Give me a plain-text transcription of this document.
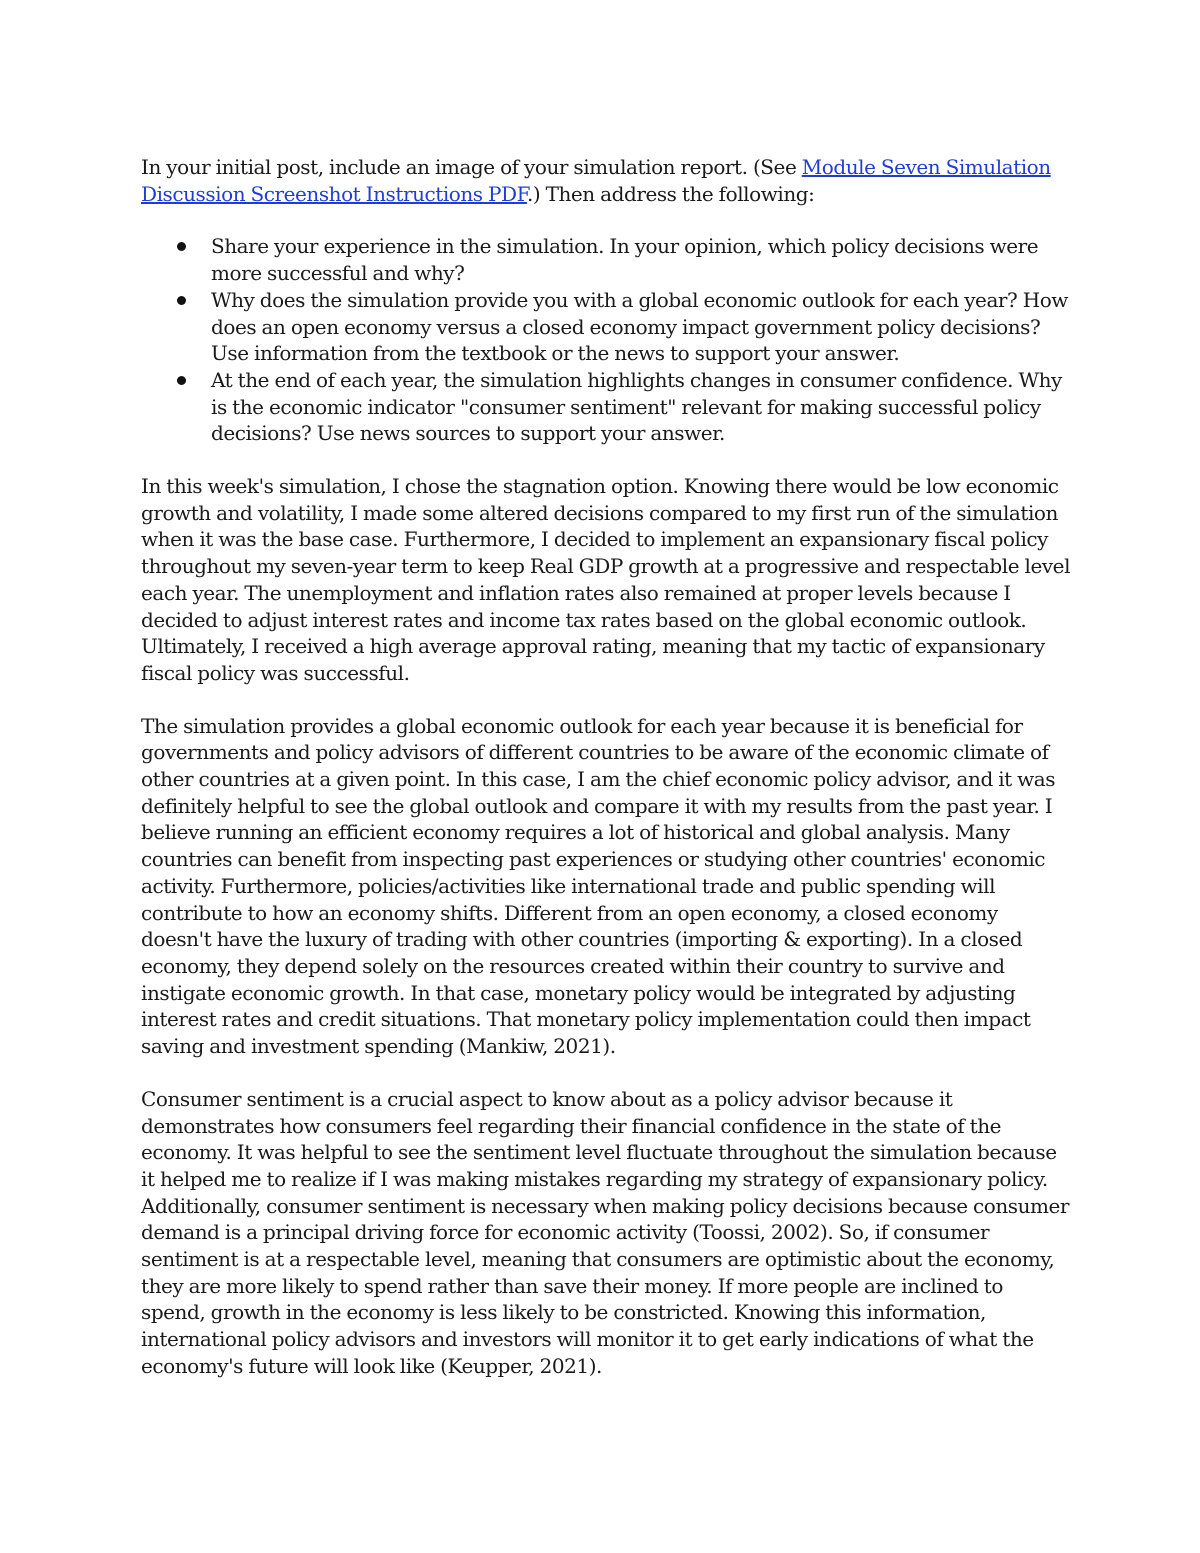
In your initial post, include an image of your simulation report. (See Module Seven Simulation Discussion Screenshot Instructions PDF.) Then address the following:

Share your experience in the simulation. In your opinion, which policy decisions were more successful and why?
Why does the simulation provide you with a global economic outlook for each year? How does an open economy versus a closed economy impact government policy decisions? Use information from the textbook or the news to support your answer.
At the end of each year, the simulation highlights changes in consumer confidence. Why is the economic indicator "consumer sentiment" relevant for making successful policy decisions? Use news sources to support your answer.

In this week's simulation, I chose the stagnation option. Knowing there would be low economic growth and volatility, I made some altered decisions compared to my first run of the simulation when it was the base case. Furthermore, I decided to implement an expansionary fiscal policy throughout my seven-year term to keep Real GDP growth at a progressive and respectable level each year. The unemployment and inflation rates also remained at proper levels because I decided to adjust interest rates and income tax rates based on the global economic outlook. Ultimately, I received a high average approval rating, meaning that my tactic of expansionary fiscal policy was successful.

The simulation provides a global economic outlook for each year because it is beneficial for governments and policy advisors of different countries to be aware of the economic climate of other countries at a given point. In this case, I am the chief economic policy advisor, and it was definitely helpful to see the global outlook and compare it with my results from the past year. I believe running an efficient economy requires a lot of historical and global analysis. Many countries can benefit from inspecting past experiences or studying other countries' economic activity. Furthermore, policies/activities like international trade and public spending will contribute to how an economy shifts. Different from an open economy, a closed economy doesn't have the luxury of trading with other countries (importing & exporting). In a closed economy, they depend solely on the resources created within their country to survive and instigate economic growth. In that case, monetary policy would be integrated by adjusting interest rates and credit situations. That monetary policy implementation could then impact saving and investment spending (Mankiw, 2021).

Consumer sentiment is a crucial aspect to know about as a policy advisor because it demonstrates how consumers feel regarding their financial confidence in the state of the economy. It was helpful to see the sentiment level fluctuate throughout the simulation because it helped me to realize if I was making mistakes regarding my strategy of expansionary policy. Additionally, consumer sentiment is necessary when making policy decisions because consumer demand is a principal driving force for economic activity (Toossi, 2002). So, if consumer sentiment is at a respectable level, meaning that consumers are optimistic about the economy, they are more likely to spend rather than save their money. If more people are inclined to spend, growth in the economy is less likely to be constricted. Knowing this information, international policy advisors and investors will monitor it to get early indications of what the economy's future will look like (Keupper, 2021).
